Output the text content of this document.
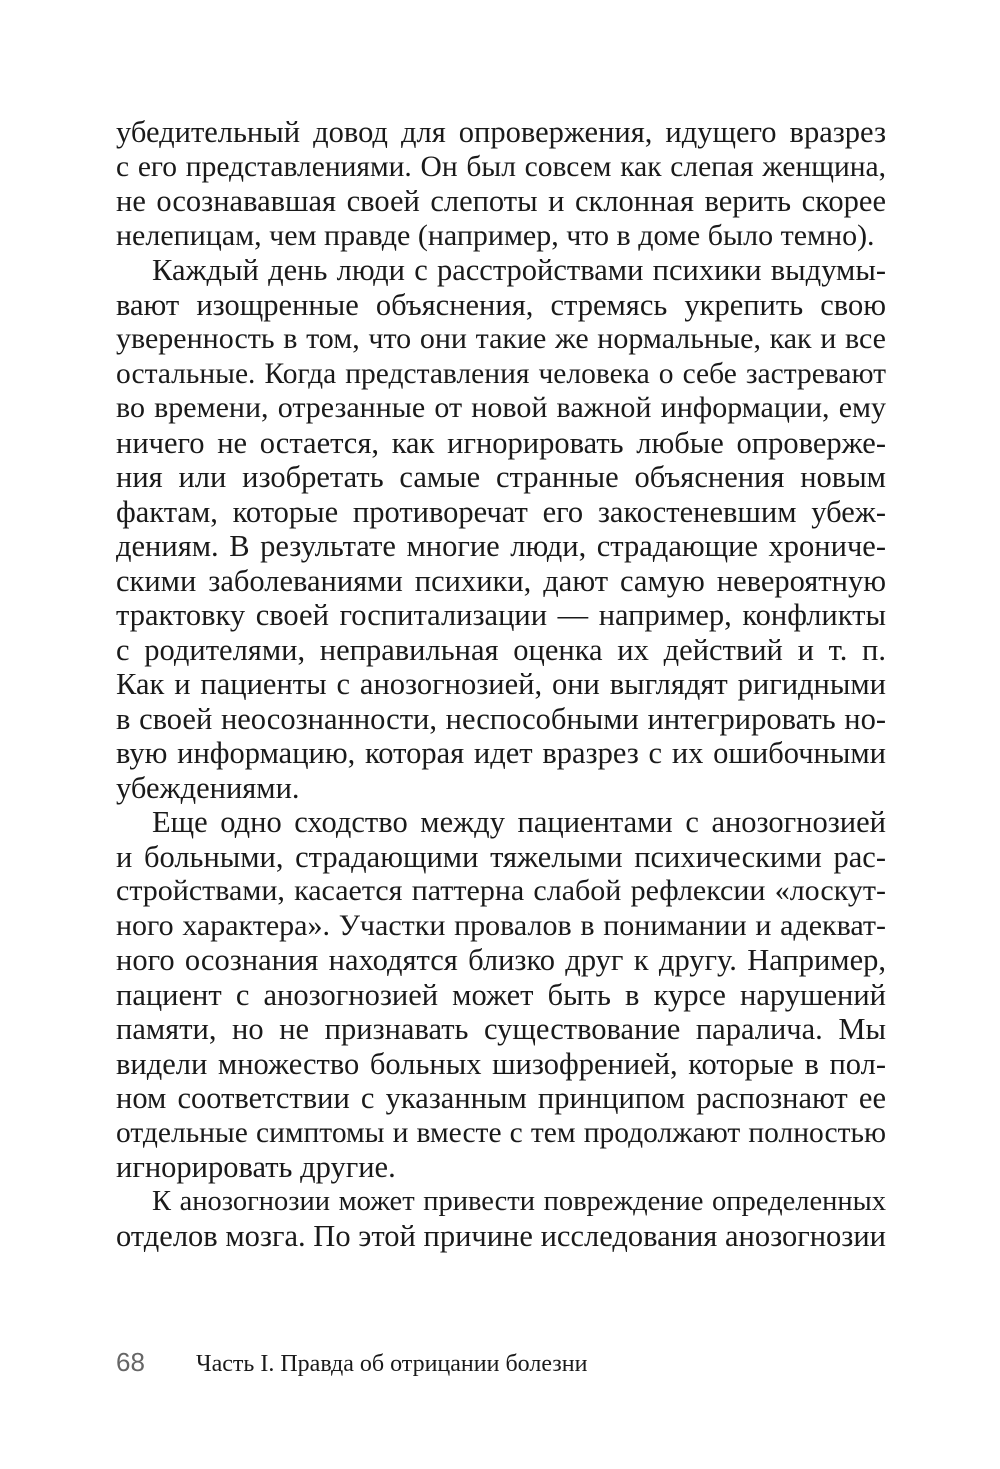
убедительный довод для опровержения, идущего вразрез
с его представлениями. Он был совсем как слепая женщина,
не осознававшая своей слепоты и склонная верить скорее
нелепицам, чем правде (например, что в доме было темно).
Каждый день люди с расстройствами психики выдумы-
вают изощренные объяснения, стремясь укрепить свою
уверенность в том, что они такие же нормальные, как и все
остальные. Когда представления человека о себе застревают
во времени, отрезанные от новой важной информации, ему
ничего не остается, как игнорировать любые опроверже-
ния или изобретать самые странные объяснения новым
фактам, которые противоречат его закостеневшим убеж-
дениям. В результате многие люди, страдающие хрониче-
скими заболеваниями психики, дают самую невероятную
трактовку своей госпитализации — например, конфликты
с родителями, неправильная оценка их действий и т. п.
Как и пациенты с анозогнозией, они выглядят ригидными
в своей неосознанности, неспособными интегрировать но-
вую информацию, которая идет вразрез с их ошибочными
убеждениями.
Еще одно сходство между пациентами с анозогнозией
и больными, страдающими тяжелыми психическими рас-
стройствами, касается паттерна слабой рефлексии «лоскут-
ного характера». Участки провалов в понимании и адекват-
ного осознания находятся близко друг к другу. Например,
пациент с анозогнозией может быть в курсе нарушений
памяти, но не признавать существование паралича. Мы
видели множество больных шизофренией, которые в пол-
ном соответствии с указанным принципом распознают ее
отдельные симптомы и вместе с тем продолжают полностью
игнорировать другие.
К анозогнозии может привести повреждение определенных
отделов мозга. По этой причине исследования анозогнозии
68	Часть I. Правда об отрицании болезни
